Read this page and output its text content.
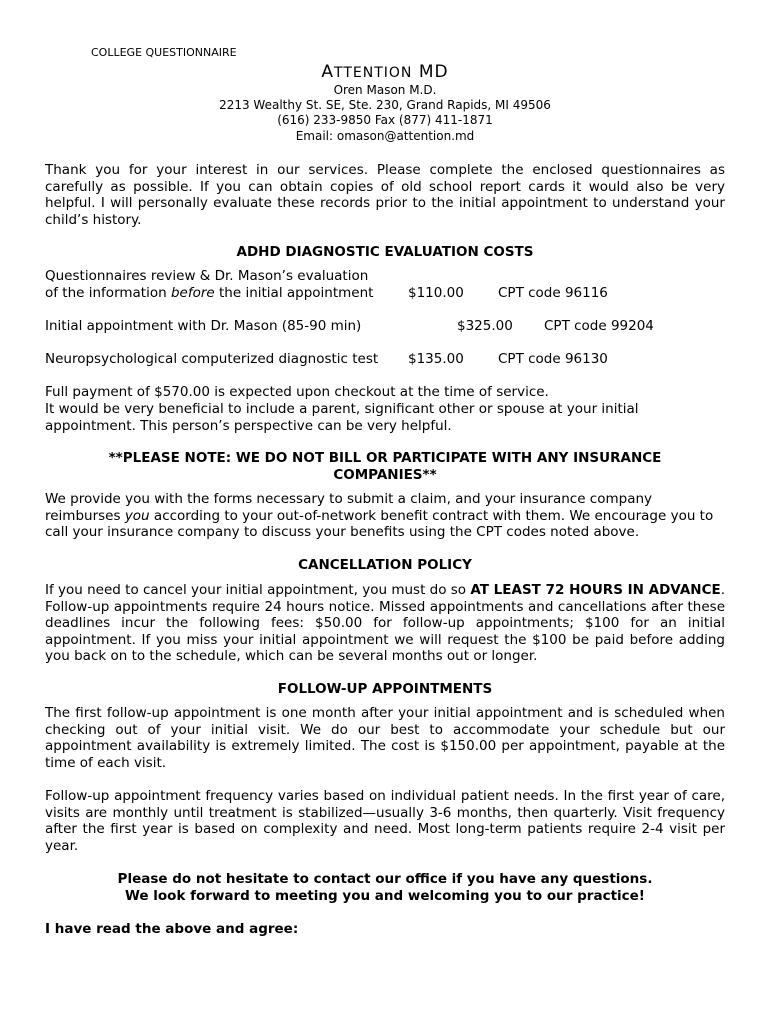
COLLEGE QUESTIONNAIRE
ATTENTION MD
Oren Mason M.D.
2213 Wealthy St. SE, Ste. 230, Grand Rapids, MI 49506
(616) 233-9850 Fax (877) 411-1871
Email: omason@attention.md
Thank you for your interest in our services. Please complete the enclosed questionnaires as carefully as possible. If you can obtain copies of old school report cards it would also be very helpful. I will personally evaluate these records prior to the initial appointment to understand your child’s history.
ADHD DIAGNOSTIC EVALUATION COSTS
Questionnaires review & Dr. Mason’s evaluation
of the information before the initial appointment	$110.00	CPT code 96116
Initial appointment with Dr. Mason (85-90 min)	$325.00 CPT code 99204
Neuropsychological computerized diagnostic test $135.00	CPT code 96130
Full payment of $570.00 is expected upon checkout at the time of service.
It would be very beneficial to include a parent, significant other or spouse at your initial appointment. This person’s perspective can be very helpful.
**PLEASE NOTE: WE DO NOT BILL OR PARTICIPATE WITH ANY INSURANCE COMPANIES**
We provide you with the forms necessary to submit a claim, and your insurance company reimburses you according to your out-of-network benefit contract with them. We encourage you to call your insurance company to discuss your benefits using the CPT codes noted above.
CANCELLATION POLICY
If you need to cancel your initial appointment, you must do so AT LEAST 72 HOURS IN ADVANCE. Follow-up appointments require 24 hours notice. Missed appointments and cancellations after these deadlines incur the following fees: $50.00 for follow-up appointments; $100 for an initial appointment. If you miss your initial appointment we will request the $100 be paid before adding you back on to the schedule, which can be several months out or longer.
FOLLOW-UP APPOINTMENTS
The first follow-up appointment is one month after your initial appointment and is scheduled when checking out of your initial visit. We do our best to accommodate your schedule but our appointment availability is extremely limited. The cost is $150.00 per appointment, payable at the time of each visit.
Follow-up appointment frequency varies based on individual patient needs. In the first year of care, visits are monthly until treatment is stabilized—usually 3-6 months, then quarterly. Visit frequency after the first year is based on complexity and need. Most long-term patients require 2-4 visit per year.
Please do not hesitate to contact our office if you have any questions.
We look forward to meeting you and welcoming you to our practice!
I have read the above and agree:
